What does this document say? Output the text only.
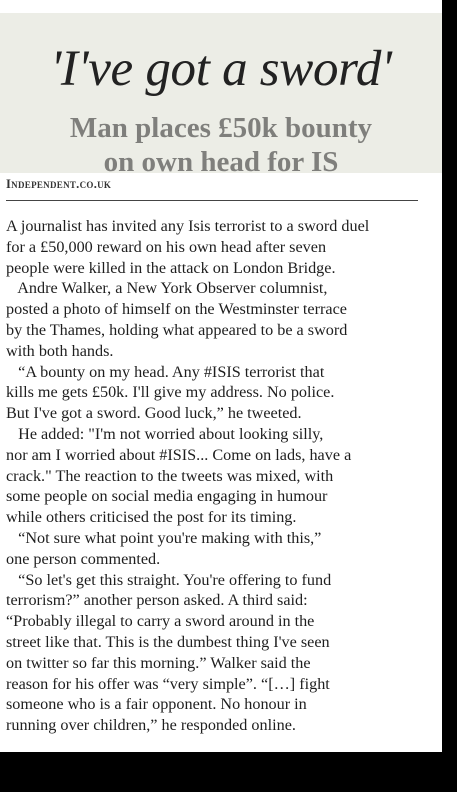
'I've got a sword'
Man places £50k bounty
on own head for IS
Independent.co.uk
A journalist has invited any Isis terrorist to a sword duel
for a £50,000 reward on his own head after seven
people were killed in the attack on London Bridge.
Andre Walker, a New York Observer columnist,
posted a photo of himself on the Westminster terrace
by the Thames, holding what appeared to be a sword
with both hands.
“A bounty on my head. Any #ISIS terrorist that
kills me gets £50k. I'll give my address. No police.
But I've got a sword. Good luck,” he tweeted.
He added: "I'm not worried about looking silly,
nor am I worried about #ISIS... Come on lads, have a
crack." The reaction to the tweets was mixed, with
some people on social media engaging in humour
while others criticised the post for its timing.
“Not sure what point you're making with this,”
one person commented.
“So let's get this straight. You're offering to fund
terrorism?” another person asked. A third said:
“Probably illegal to carry a sword around in the
street like that. This is the dumbest thing I've seen
on twitter so far this morning.” Walker said the
reason for his offer was “very simple”. “[…] fight
someone who is a fair opponent. No honour in
running over children,” he responded online.
